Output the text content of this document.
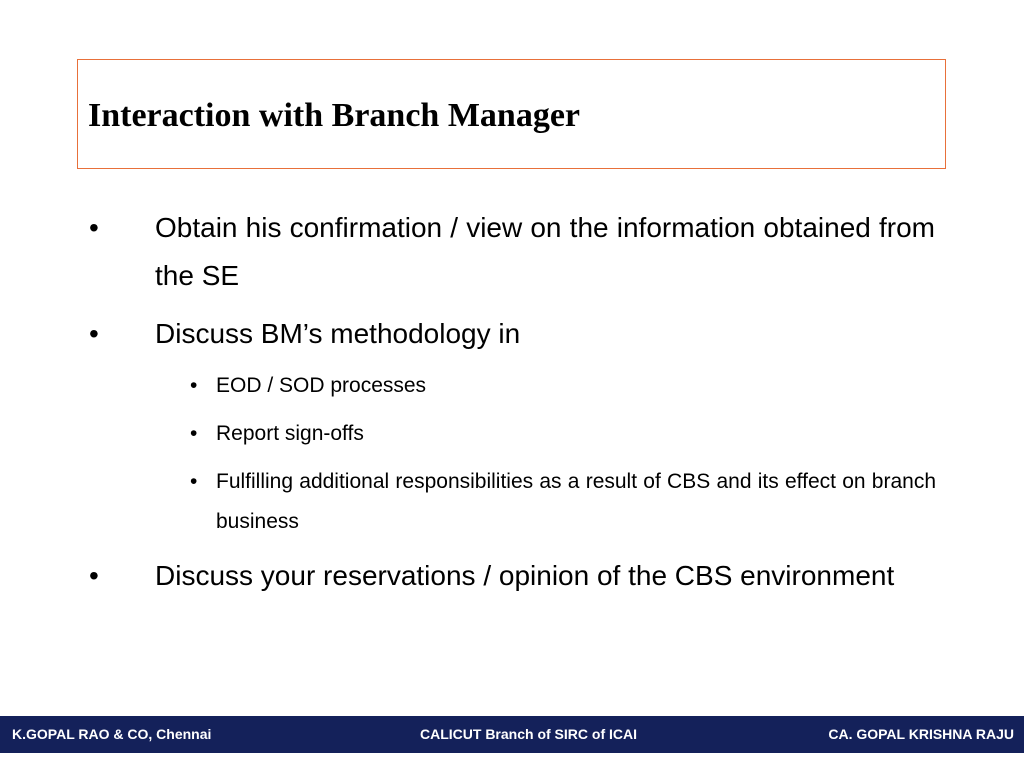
Interaction with Branch Manager
• Obtain his confirmation / view on the information obtained from the SE
• Discuss BM’s methodology in
• EOD / SOD processes
• Report sign-offs
• Fulfilling additional responsibilities as a result of CBS and its effect on branch business
• Discuss your reservations / opinion of the CBS environment
K.GOPAL RAO & CO, Chennai	CALICUT Branch of SIRC of ICAI	CA. GOPAL KRISHNA RAJU
